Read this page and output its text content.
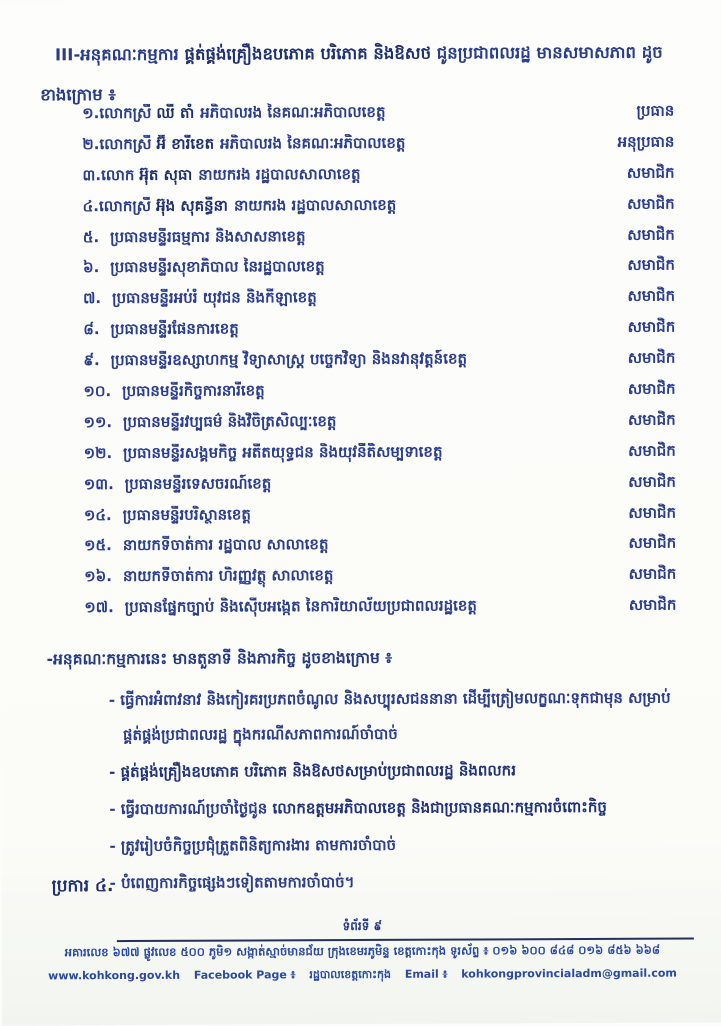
III-អនុគណៈកម្មការ ផ្គត់ផ្គង់គ្រឿងឧបភោគ បរិភោគ និងឱសថ ជូនប្រជាពលរដ្ឋ មានសមាសភាព ដូចខាងក្រោម ៖
១. លោកស្រី ឈី តាំ អភិបាលរង នៃគណៈអភិបាលខេត្ត	ប្រធាន
២. លោកស្រី អ៊ី ខារីខេត អភិបាលរង នៃគណៈអភិបាលខេត្ត	អនុប្រធាន
៣. លោក អ៊ុត សុធា នាយករង រដ្ឋបាលសាលាខេត្ត	សមាជិក
៤. លោកស្រី អ៊ុង សុគន្ធីនា នាយករង រដ្ឋបាលសាលាខេត្ត	សមាជិក
៥. ប្រធានមន្ទីរធម្មការ និងសាសនាខេត្ត	សមាជិក
៦. ប្រធានមន្ទីរសុខាភិបាល នៃរដ្ឋបាលខេត្ត	សមាជិក
៧. ប្រធានមន្ទីរអប់រំ យុវជន និងកីឡាខេត្ត	សមាជិក
៨. ប្រធានមន្ទីរផែនការខេត្ត	សមាជិក
៩. ប្រធានមន្ទីរឧស្សាហកម្ម វិទ្យាសាស្ត្រ បច្ចេកវិទ្យា និងនវានុវត្តន៍ខេត្ត	សមាជិក
១០. ប្រធានមន្ទីរកិច្ចការនារីខេត្ត	សមាជិក
១១. ប្រធានមន្ទីរវប្បធម៌ និងវិចិត្រសិល្បៈខេត្ត	សមាជិក
១២. ប្រធានមន្ទីរសង្គមកិច្ច អតីតយុទ្ធជន និងយុវនីតិសម្បទាខេត្ត	សមាជិក
១៣. ប្រធានមន្ទីរទេសចរណ៍ខេត្ត	សមាជិក
១៤. ប្រធានមន្ទីរបរិស្ថានខេត្ត	សមាជិក
១៥. នាយកទីចាត់ការ រដ្ឋបាល សាលាខេត្ត	សមាជិក
១៦. នាយកទីចាត់ការ ហិរញ្ញវត្ថុ សាលាខេត្ត	សមាជិក
១៧. ប្រធានផ្នែកច្បាប់ និងស៊ើបអង្កេត នៃការិយាល័យប្រជាពលរដ្ឋខេត្ត	សមាជិក
-អនុគណៈកម្មការនេះ មានតួនាទី និងភារកិច្ច ដូចខាងក្រោម ៖
- ធ្វើការអំពាវនាវ និងកៀរគរប្រភពចំណូល និងសប្បុរសជននានា ដើម្បីត្រៀមលក្ខណៈទុកជាមុន សម្រាប់ផ្គត់ផ្គង់ប្រជាពលរដ្ឋ ក្នុងករណីសភាពការណ៍ចាំបាច់
- ផ្គត់ផ្គង់គ្រឿងឧបភោគ បរិភោគ និងឱសថសម្រាប់ប្រជាពលរដ្ឋ និងពលករ
- ធ្វើរបាយការណ៍ប្រចាំថ្ងៃជូន លោកឧត្តមអភិបាលខេត្ត និងជាប្រធានគណៈកម្មការចំពោះកិច្ច
- ត្រូវរៀបចំកិច្ចប្រជុំត្រួតពិនិត្យការងារ តាមការចាំបាច់
- បំពេញការកិច្ចផ្សេងៗទៀតតាមការចាំបាច់។
ប្រការ ៤.
ទំព័រទី ៩
អគារលេខ ៦៧៧ ផ្លូវលេខ ៥០០ ភូមិ១ សង្កាត់ស្មាច់មានជ័យ ក្រុងខេមរភូមិន្ទ ខេត្តកោះកុង ទូរស័ព្ទ ៖ ០១៦ ៦០០ ៨៤៨ ០១៦ ៨៥៦ ៦៦៨
www.kohkong.gov.kh Facebook Page ៖ រដ្ឋបាលខេត្តកោះកុង Email ៖ kohkongprovincialadm@gmail.com
